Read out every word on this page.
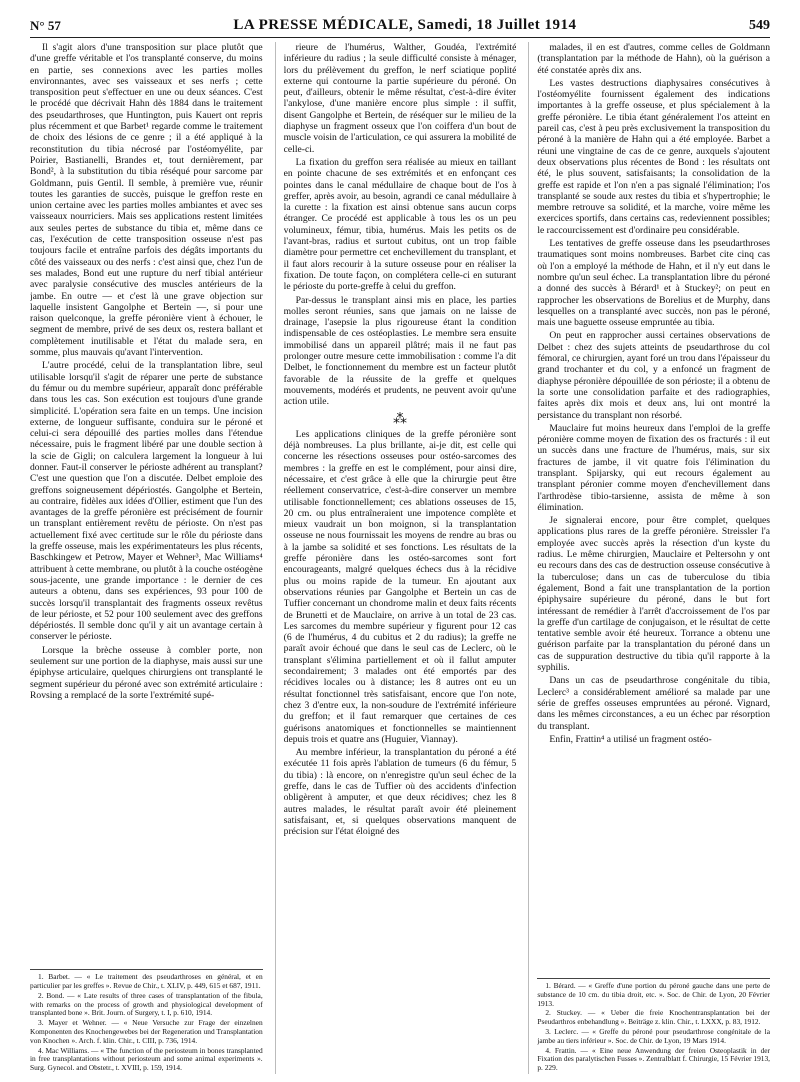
N° 57	LA PRESSE MÉDICALE, Samedi, 18 Juillet 1914	549

Il s'agit alors d'une transposition sur place plutôt que d'une greffe véritable et l'os transplanté conserve, du moins en partie, ses connexions avec les parties molles environnantes, avec ses vaisseaux et ses nerfs ; cette transposition peut s'effectuer en une ou deux séances. C'est le procédé que décrivait Hahn dès 1884 dans le traitement des pseudarthroses, que Huntington, puis Kauert ont repris plus récemment et que Barbet¹ regarde comme le traitement de choix des lésions de ce genre ; il a été appliqué à la reconstitution du tibia nécrosé par l'ostéomyélite, par Poirier, Bastianelli, Brandes et, tout dernièrement, par Bond², à la substitution du tibia réséqué pour sarcome par Goldmann, puis Gentil. Il semble, à première vue, réunir toutes les garanties de succès, puisque le greffon reste en union certaine avec les parties molles ambiantes et avec ses vaisseaux nourriciers. Mais ses applications restent limitées aux seules pertes de substance du tibia et, même dans ce cas, l'exécution de cette transposition osseuse n'est pas toujours facile et entraîne parfois des dégâts importants du côté des vaisseaux ou des nerfs : c'est ainsi que, chez l'un de ses malades, Bond eut une rupture du nerf tibial antérieur avec paralysie consécutive des muscles antérieurs de la jambe. En outre — et c'est là une grave objection sur laquelle insistent Gangolphe et Bertein —, si pour une raison quelconque, la greffe péronière vient à échouer, le segment de membre, privé de ses deux os, restera ballant et complètement inutilisable et l'état du malade sera, en somme, plus mauvais qu'avant l'intervention.

L'autre procédé, celui de la transplantation libre, seul utilisable lorsqu'il s'agit de réparer une perte de substance du fémur ou du membre supérieur, apparaît donc préférable dans tous les cas. Son exécution est toujours d'une grande simplicité. L'opération sera faite en un temps. Une incision externe, de longueur suffisante, conduira sur le péroné et celui-ci sera dépouillé des parties molles dans l'étendue nécessaire, puis le fragment libéré par une double section à la scie de Gigli; on calculera largement la longueur à lui donner. Faut-il conserver le périoste adhérent au transplant? C'est une question que l'on a discutée. Delbet emploie des greffons soigneusement dépériostés. Gangolphe et Bertein, au contraire, fidèles aux idées d'Ollier, estiment que l'un des avantages de la greffe péronière est précisément de fournir un transplant entièrement revêtu de périoste. On n'est pas actuellement fixé avec certitude sur le rôle du périoste dans la greffe osseuse, mais les expérimentateurs les plus récents, Baschkingew et Petrow, Mayer et Wehner³, Mac Williams⁴ attribuent à cette membrane, ou plutôt à la couche ostéogène sous-jacente, une grande importance : le dernier de ces auteurs a obtenu, dans ses expériences, 93 pour 100 de succès lorsqu'il transplantait des fragments osseux revêtus de leur périoste, et 52 pour 100 seulement avec des greffons dépériostés. Il semble donc qu'il y ait un avantage certain à conserver le périoste.

Lorsque la brèche osseuse à combler porte, non seulement sur une portion de la diaphyse, mais aussi sur une épiphyse articulaire, quelques chirurgiens ont transplanté le segment supérieur du péroné avec son extrémité articulaire : Rovsing a remplacé de la sorte l'extrémité supé-

1. Barbet. — « Le traitement des pseudarthroses en général, et en particulier par les greffes ». Revue de Chir., t. XLIV, p. 449, 615 et 687, 1911.

2. Bond. — « Late results of three cases of transplantation of the fibula, with remarks on the process of growth and physiological development of transplanted bone ». Brit. Journ. of Surgery, t. I, p. 610, 1914.

3. Mayer et Wehner. — « Neue Versuche zur Frage der einzelnen Komponenten des Knochengewebes bei der Regeneration und Transplantation von Knochen ». Arch. f. klin. Chir., t. CIII, p. 736, 1914.

4. Mac Williams. — « The function of the periosteum in bones transplanted in free transplantations without periosteum and some animal experiments ». Surg. Gynecol. and Obstetr., t. XVIII, p. 159, 1914.

rieure de l'humérus, Walther, Goudéa, l'extrémité inférieure du radius ; la seule difficulté consiste à ménager, lors du prélèvement du greffon, le nerf sciatique poplité externe qui contourne la partie supérieure du péroné. On peut, d'ailleurs, obtenir le même résultat, c'est-à-dire éviter l'ankylose, d'une manière encore plus simple : il suffit, disent Gangolphe et Bertein, de réséquer sur le milieu de la diaphyse un fragment osseux que l'on coiffera d'un bout de muscle voisin de l'articulation, ce qui assurera la mobilité de celle-ci.

La fixation du greffon sera réalisée au mieux en taillant en pointe chacune de ses extrémités et en enfonçant ces pointes dans le canal médullaire de chaque bout de l'os à greffer, après avoir, au besoin, agrandi ce canal médullaire à la curette : la fixation est ainsi obtenue sans aucun corps étranger. Ce procédé est applicable à tous les os un peu volumineux, fémur, tibia, humérus. Mais les petits os de l'avant-bras, radius et surtout cubitus, ont un trop faible diamètre pour permettre cet enchevillement du transplant, et il faut alors recourir à la suture osseuse pour en réaliser la fixation. De toute façon, on complétera celle-ci en suturant le périoste du porte-greffe à celui du greffon.

Par-dessus le transplant ainsi mis en place, les parties molles seront réunies, sans que jamais on ne laisse de drainage, l'asepsie la plus rigoureuse étant la condition indispensable de ces ostéoplasties. Le membre sera ensuite immobilisé dans un appareil plâtré; mais il ne faut pas prolonger outre mesure cette immobilisation : comme l'a dit Delbet, le fonctionnement du membre est un facteur plutôt favorable de la réussite de la greffe et quelques mouvements, modérés et prudents, ne peuvent avoir qu'une action utile.

⁂

Les applications cliniques de la greffe péronière sont déjà nombreuses. La plus brillante, ai-je dit, est celle qui concerne les résections osseuses pour ostéo-sarcomes des membres : la greffe en est le complément, pour ainsi dire, nécessaire, et c'est grâce à elle que la chirurgie peut être réellement conservatrice, c'est-à-dire conserver un membre utilisable fonctionnellement; ces ablations osseuses de 15, 20 cm. ou plus entraîneraient une impotence complète et mieux vaudrait un bon moignon, si la transplantation osseuse ne nous fournissait les moyens de rendre au bras ou à la jambe sa solidité et ses fonctions. Les résultats de la greffe péronière dans les ostéo-sarcomes sont fort encourageants, malgré quelques échecs dus à la récidive plus ou moins rapide de la tumeur. En ajoutant aux observations réunies par Gangolphe et Bertein un cas de Tuffier concernant un chondrome malin et deux faits récents de Brunetti et de Mauclaire, on arrive à un total de 23 cas. Les sarcomes du membre supérieur y figurent pour 12 cas (6 de l'humérus, 4 du cubitus et 2 du radius); la greffe ne paraît avoir échoué que dans le seul cas de Leclerc, où le transplant s'élimina partiellement et où il fallut amputer secondairement; 3 malades ont été emportés par des récidives locales ou à distance; les 8 autres ont eu un résultat fonctionnel très satisfaisant, encore que l'on note, chez 3 d'entre eux, la non-soudure de l'extrémité inférieure du greffon; et il faut remarquer que certaines de ces guérisons anatomiques et fonctionnelles se maintiennent depuis trois et quatre ans (Huguier, Viannay).

Au membre inférieur, la transplantation du péroné a été exécutée 11 fois après l'ablation de tumeurs (6 du fémur, 5 du tibia) : là encore, on n'enregistre qu'un seul échec de la greffe, dans le cas de Tuffier où des accidents d'infection obligèrent à amputer, et que deux récidives; chez les 8 autres malades, le résultat paraît avoir été pleinement satisfaisant, et, si quelques observations manquent de précision sur l'état éloigné des

malades, il en est d'autres, comme celles de Goldmann (transplantation par la méthode de Hahn), où la guérison a été constatée après dix ans.

Les vastes destructions diaphysaires consécutives à l'ostéomyélite fournissent également des indications importantes à la greffe osseuse, et plus spécialement à la greffe péronière. Le tibia étant généralement l'os atteint en pareil cas, c'est à peu près exclusivement la transposition du péroné à la manière de Hahn qui a été employée. Barbet a réuni une vingtaine de cas de ce genre, auxquels s'ajoutent deux observations plus récentes de Bond : les résultats ont été, le plus souvent, satisfaisants; la consolidation de la greffe est rapide et l'on n'en a pas signalé l'élimination; l'os transplanté se soude aux restes du tibia et s'hypertrophie; le membre retrouve sa solidité, et la marche, voire même les exercices sportifs, dans certains cas, redeviennent possibles; le raccourcissement est d'ordinaire peu considérable.

Les tentatives de greffe osseuse dans les pseudarthroses traumatiques sont moins nombreuses. Barbet cite cinq cas où l'on a employé la méthode de Hahn, et il n'y eut dans le nombre qu'un seul échec. La transplantation libre du péroné a donné des succès à Bérard¹ et à Stuckey²; on peut en rapprocher les observations de Borelius et de Murphy, dans lesquelles on a transplanté avec succès, non pas le péroné, mais une baguette osseuse empruntée au tibia.

On peut en rapprocher aussi certaines observations de Delbet : chez des sujets atteints de pseudarthrose du col fémoral, ce chirurgien, ayant foré un trou dans l'épaisseur du grand trochanter et du col, y a enfoncé un fragment de diaphyse péronière dépouillée de son périoste; il a obtenu de la sorte une consolidation parfaite et des radiographies, faites après dix mois et deux ans, lui ont montré la persistance du transplant non résorbé.

Mauclaire fut moins heureux dans l'emploi de la greffe péronière comme moyen de fixation des os fracturés : il eut un succès dans une fracture de l'humérus, mais, sur six fractures de jambe, il vit quatre fois l'élimination du transplant. Spijarsky, qui eut recours également au transplant péronier comme moyen d'enchevillement dans l'arthrodèse tibio-tarsienne, assista de même à son élimination.

Je signalerai encore, pour être complet, quelques applications plus rares de la greffe péronière. Streissler l'a employée avec succès après la résection d'un kyste du radius. Le même chirurgien, Mauclaire et Peltersohn y ont eu recours dans des cas de destruction osseuse consécutive à la tuberculose; dans un cas de tuberculose du tibia également, Bond a fait une transplantation de la portion épiphysaire supérieure du péroné, dans le but fort intéressant de remédier à l'arrêt d'accroissement de l'os par la greffe d'un cartilage de conjugaison, et le résultat de cette tentative semble avoir été heureux. Torrance a obtenu une guérison parfaite par la transplantation du péroné dans un cas de suppuration destructive du tibia qu'il rapporte à la syphilis.

Dans un cas de pseudarthrose congénitale du tibia, Leclerc³ a considérablement amélioré sa malade par une série de greffes osseuses empruntées au péroné. Vignard, dans les mêmes circonstances, a eu un échec par résorption du transplant.

Enfin, Frattin⁴ a utilisé un fragment ostéo-

1. Bérard. — « Greffe d'une portion du péroné gauche dans une perte de substance de 10 cm. du tibia droit, etc. ». Soc. de Chir. de Lyon, 20 Février 1913.

2. Stuckey. — « Ueber die freie Knochentransplantation bei der Pseudarthros enbehandlung ». Beiträge z. klin. Chir., t. LXXX, p. 83, 1912.

3. Leclerc. — « Greffe du péroné pour pseudarthrose congénitale de la jambe au tiers inférieur ». Soc. de Chir. de Lyon, 19 Mars 1914.

4. Frattin. — « Eine neue Anwendung der freien Osteoplastik in der Fixation des paralytischen Fusses ». Zentralblatt f. Chirurgie, 15 Février 1913, p. 229.
